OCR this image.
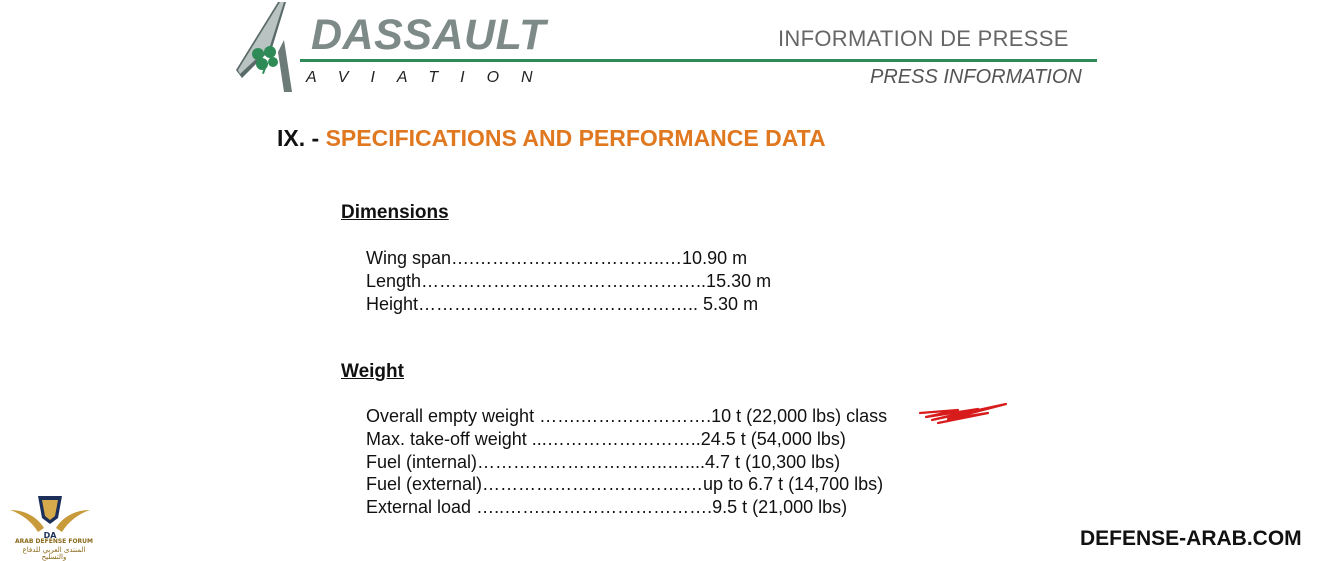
DASSAULT
AVIATION
INFORMATION DE PRESSE
PRESS INFORMATION
IX. - SPECIFICATIONS AND PERFORMANCE DATA
Dimensions
Wing span….…………………………..…10.90 m
Length……………….………………………..15.30 m
Height……………………………………….. 5.30 m
Weight
Overall empty weight …….………………….10 t (22,000 lbs) class
Max. take-off weight ...……………………..24.5 t (54,000 lbs)
Fuel (internal)…………………………..…....4.7 t (10,300 lbs)
Fuel (external)…………………………….…up to 6.7 t (14,700 lbs)
External load …..…….……………………….9.5 t (21,000 lbs)
DA
ARAB DEFENSE FORUM
المنتدى العربي للدفاع والتسليح
DEFENSE-ARAB.COM
